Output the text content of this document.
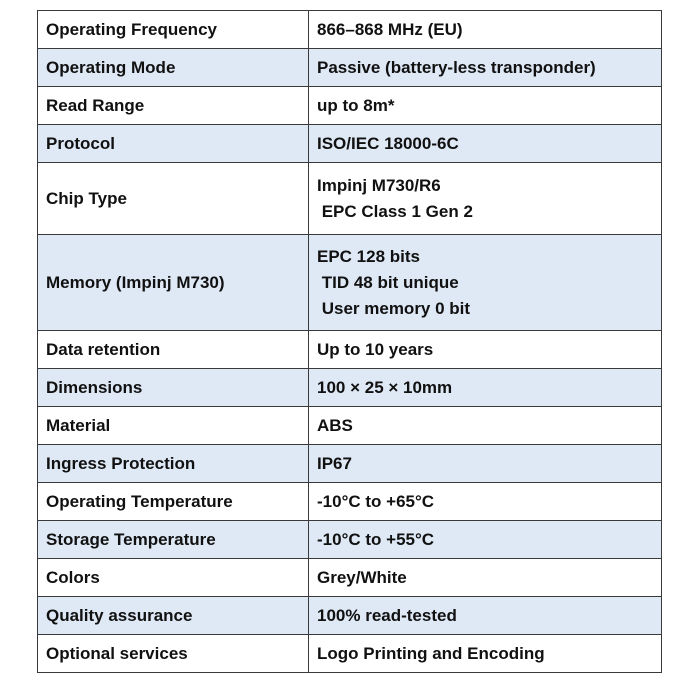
Operating Frequency	866–868 MHz (EU)
Operating Mode	Passive (battery-less transponder)
Read Range	up to 8m*
Protocol	ISO/IEC 18000-6C
Chip Type	Impinj M730/R6
EPC Class 1 Gen 2
Memory (Impinj M730)	EPC 128 bits
TID 48 bit unique
User memory 0 bit
Data retention	Up to 10 years
Dimensions	100 × 25 × 10mm
Material	ABS
Ingress Protection	IP67
Operating Temperature	-10°C to +65°C
Storage Temperature	-10°C to +55°C
Colors	Grey/White
Quality assurance	100% read-tested
Optional services	Logo Printing and Encoding
